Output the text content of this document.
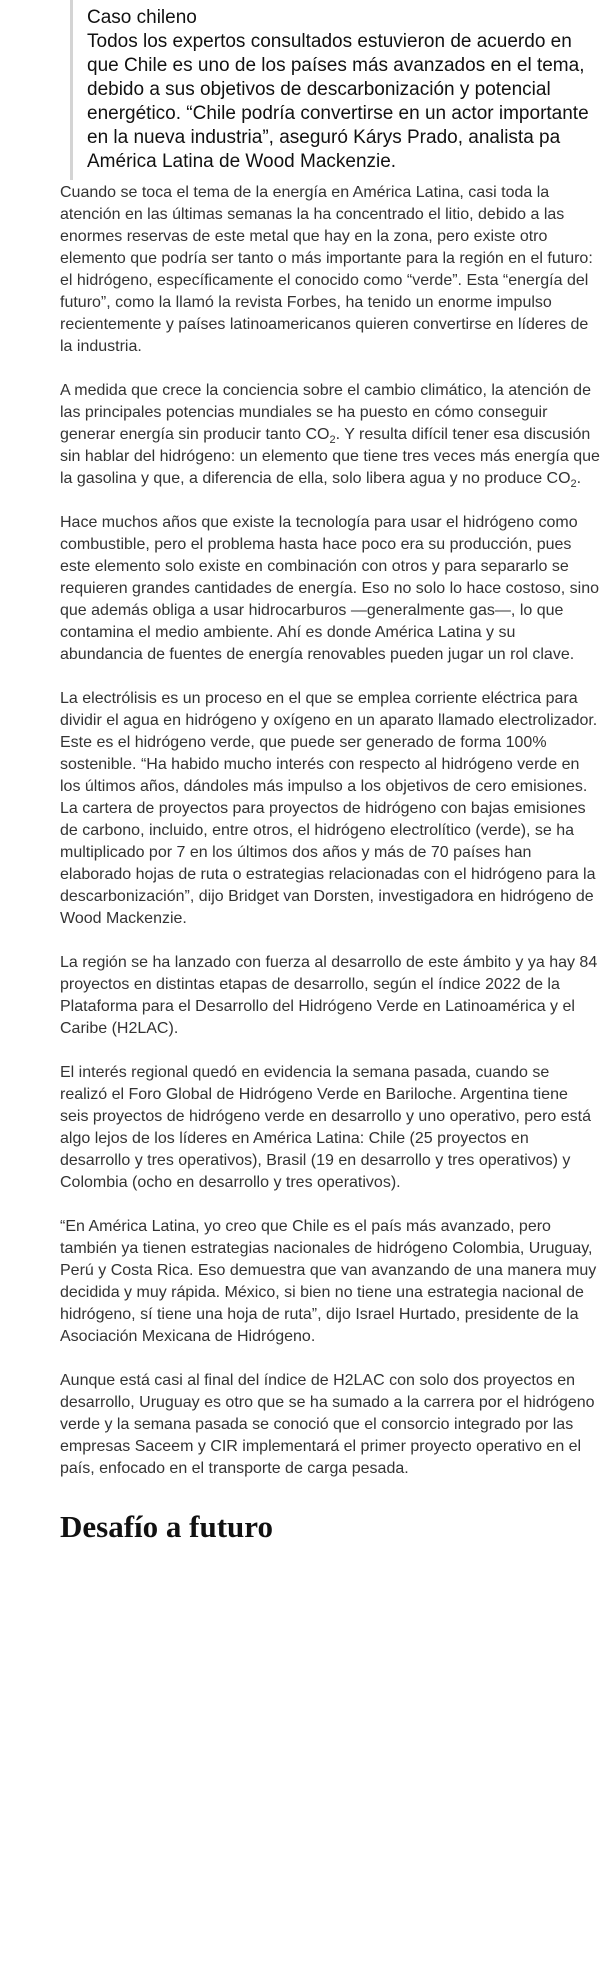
Caso chileno
Todos los expertos consultados estuvieron de acuerdo en que Chile es uno de los países más avanzados en el tema, debido a sus objetivos de descarbonización y potencial energético. “Chile podría convertirse en un actor importante en la nueva industria”, aseguró Kárys Prado, analista pa América Latina de Wood Mackenzie.

Cuando se toca el tema de la energía en América Latina, casi toda la atención en las últimas semanas la ha concentrado el litio, debido a las enormes reservas de este metal que hay en la zona, pero existe otro elemento que podría ser tanto o más importante para la región en el futuro: el hidrógeno, específicamente el conocido como “verde”. Esta “energía del futuro”, como la llamó la revista Forbes, ha tenido un enorme impulso recientemente y países latinoamericanos quieren convertirse en líderes de la industria.

A medida que crece la conciencia sobre el cambio climático, la atención de las principales potencias mundiales se ha puesto en cómo conseguir generar energía sin producir tanto $CO_2$. Y resulta difícil tener esa discusión sin hablar del hidrógeno: un elemento que tiene tres veces más energía que la gasolina y que, a diferencia de ella, solo libera agua y no produce $CO_2$.

Hace muchos años que existe la tecnología para usar el hidrógeno como combustible, pero el problema hasta hace poco era su producción, pues este elemento solo existe en combinación con otros y para separarlo se requieren grandes cantidades de energía. Eso no solo lo hace costoso, sino que además obliga a usar hidrocarburos —generalmente gas—, lo que contamina el medio ambiente. Ahí es donde América Latina y su abundancia de fuentes de energía renovables pueden jugar un rol clave.

La electrólisis es un proceso en el que se emplea corriente eléctrica para dividir el agua en hidrógeno y oxígeno en un aparato llamado electrolizador. Este es el hidrógeno verde, que puede ser generado de forma 100% sostenible. “Ha habido mucho interés con respecto al hidrógeno verde en los últimos años, dándoles más impulso a los objetivos de cero emisiones. La cartera de proyectos para proyectos de hidrógeno con bajas emisiones de carbono, incluido, entre otros, el hidrógeno electrolítico (verde), se ha multiplicado por 7 en los últimos dos años y más de 70 países han elaborado hojas de ruta o estrategias relacionadas con el hidrógeno para la descarbonización”, dijo Bridget van Dorsten, investigadora en hidrógeno de Wood Mackenzie.

La región se ha lanzado con fuerza al desarrollo de este ámbito y ya hay 84 proyectos en distintas etapas de desarrollo, según el índice 2022 de la Plataforma para el Desarrollo del Hidrógeno Verde en Latinoamérica y el Caribe (H2LAC).

El interés regional quedó en evidencia la semana pasada, cuando se realizó el Foro Global de Hidrógeno Verde en Bariloche. Argentina tiene seis proyectos de hidrógeno verde en desarrollo y uno operativo, pero está algo lejos de los líderes en América Latina: Chile (25 proyectos en desarrollo y tres operativos), Brasil (19 en desarrollo y tres operativos) y Colombia (ocho en desarrollo y tres operativos).

“En América Latina, yo creo que Chile es el país más avanzado, pero también ya tienen estrategias nacionales de hidrógeno Colombia, Uruguay, Perú y Costa Rica. Eso demuestra que van avanzando de una manera muy decidida y muy rápida. México, si bien no tiene una estrategia nacional de hidrógeno, sí tiene una hoja de ruta”, dijo Israel Hurtado, presidente de la Asociación Mexicana de Hidrógeno.

Aunque está casi al final del índice de H2LAC con solo dos proyectos en desarrollo, Uruguay es otro que se ha sumado a la carrera por el hidrógeno verde y la semana pasada se conoció que el consorcio integrado por las empresas Saceem y CIR implementará el primer proyecto operativo en el país, enfocado en el transporte de carga pesada.

Desafío a futuro
